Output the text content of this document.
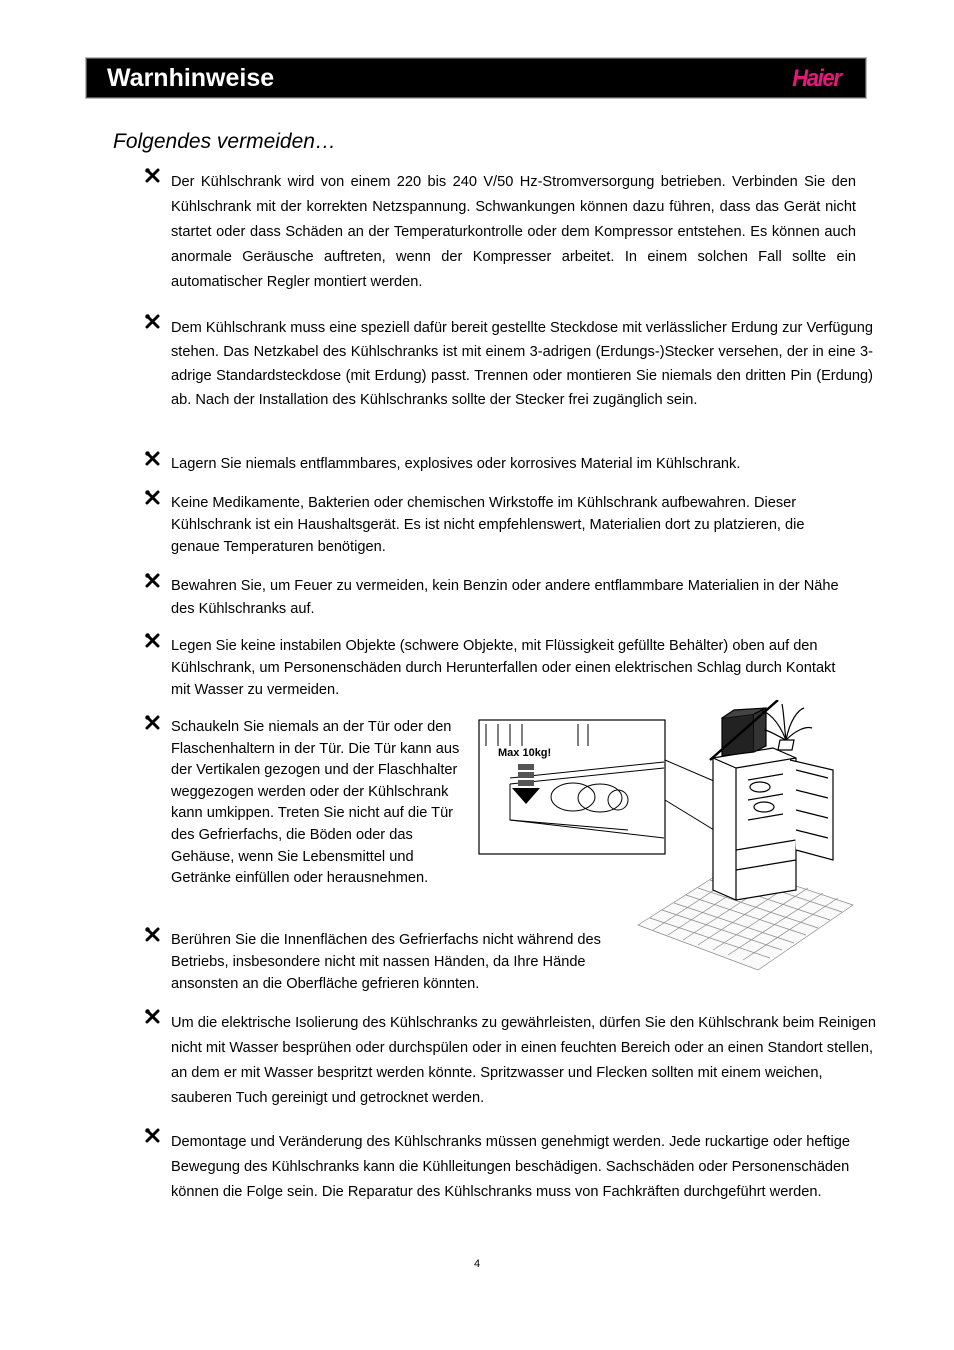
Warnhinweise	Haier
Folgendes vermeiden…
Der Kühlschrank wird von einem 220 bis 240 V/50 Hz-Stromversorgung betrieben. Verbinden Sie den Kühlschrank mit der korrekten Netzspannung. Schwankungen können dazu führen, dass das Gerät nicht startet oder dass Schäden an der Temperaturkontrolle oder dem Kompressor entstehen. Es können auch anormale Geräusche auftreten, wenn der Kompresser arbeitet. In einem solchen Fall sollte ein automatischer Regler montiert werden.
Dem Kühlschrank muss eine speziell dafür bereit gestellte Steckdose mit verlässlicher Erdung zur Verfügung stehen. Das Netzkabel des Kühlschranks ist mit einem 3-adrigen (Erdungs-)Stecker versehen, der in eine 3-adrige Standardsteckdose (mit Erdung) passt. Trennen oder montieren Sie niemals den dritten Pin (Erdung) ab. Nach der Installation des Kühlschranks sollte der Stecker frei zugänglich sein.
Lagern Sie niemals entflammbares, explosives oder korrosives Material im Kühlschrank.
Keine Medikamente, Bakterien oder chemischen Wirkstoffe im Kühlschrank aufbewahren. Dieser Kühlschrank ist ein Haushaltsgerät. Es ist nicht empfehlenswert, Materialien dort zu platzieren, die genaue Temperaturen benötigen.
Bewahren Sie, um Feuer zu vermeiden, kein Benzin oder andere entflammbare Materialien in der Nähe des Kühlschranks auf.
Legen Sie keine instabilen Objekte (schwere Objekte, mit Flüssigkeit gefüllte Behälter) oben auf den Kühlschrank, um Personenschäden durch Herunterfallen oder einen elektrischen Schlag durch Kontakt mit Wasser zu vermeiden.
Schaukeln Sie niemals an der Tür oder den Flaschenhaltern in der Tür. Die Tür kann aus der Vertikalen gezogen und der Flaschhalter weggezogen werden oder der Kühlschrank kann umkippen. Treten Sie nicht auf die Tür des Gefrierfachs, die Böden oder das Gehäuse, wenn Sie Lebensmittel und Getränke einfüllen oder herausnehmen.
Berühren Sie die Innenflächen des Gefrierfachs nicht während des Betriebs, insbesondere nicht mit nassen Händen, da Ihre Hände ansonsten an die Oberfläche gefrieren könnten.
Um die elektrische Isolierung des Kühlschranks zu gewährleisten, dürfen Sie den Kühlschrank beim Reinigen nicht mit Wasser besprühen oder durchspülen oder in einen feuchten Bereich oder an einen Standort stellen, an dem er mit Wasser bespritzt werden könnte. Spritzwasser und Flecken sollten mit einem weichen, sauberen Tuch gereinigt und getrocknet werden.
Demontage und Veränderung des Kühlschranks müssen genehmigt werden. Jede ruckartige oder heftige Bewegung des Kühlschranks kann die Kühlleitungen beschädigen. Sachschäden oder Personenschäden können die Folge sein. Die Reparatur des Kühlschranks muss von Fachkräften durchgeführt werden.
Max 10kg!
4
